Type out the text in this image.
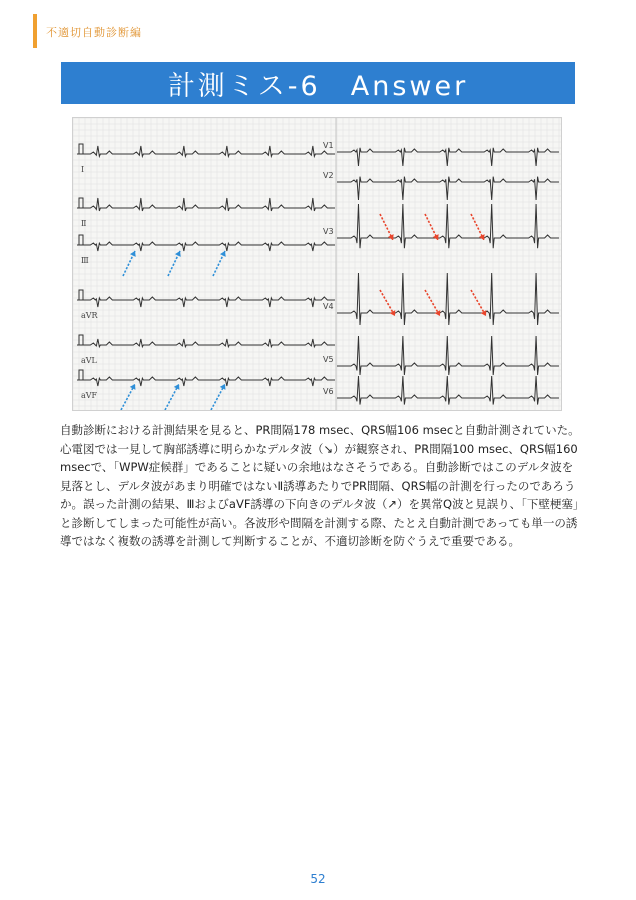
不適切自動診断編
計測ミス-6　Answer
Ⅰ
Ⅱ
Ⅲ
aVR
aVL
aVF
V1
V2
V3
V4
V5
V6

自動診断における計測結果を見ると、PR間隔178 msec、QRS幅106 msecと自動計測されていた。心電図では一見して胸部誘導に明らかなデルタ波（↘）が観察され、PR間隔100 msec、QRS幅160 msecで、「WPW症候群」であることに疑いの余地はなさそうである。自動診断ではこのデルタ波を見落とし、デルタ波があまり明確ではないⅡ誘導あたりでPR間隔、QRS幅の計測を行ったのであろうか。誤った計測の結果、ⅢおよびaVF誘導の下向きのデルタ波（↗）を異常Q波と見誤り、「下壁梗塞」と診断してしまった可能性が高い。各波形や間隔を計測する際、たとえ自動計測であっても単一の誘導ではなく複数の誘導を計測して判断することが、不適切診断を防ぐうえで重要である。

52
